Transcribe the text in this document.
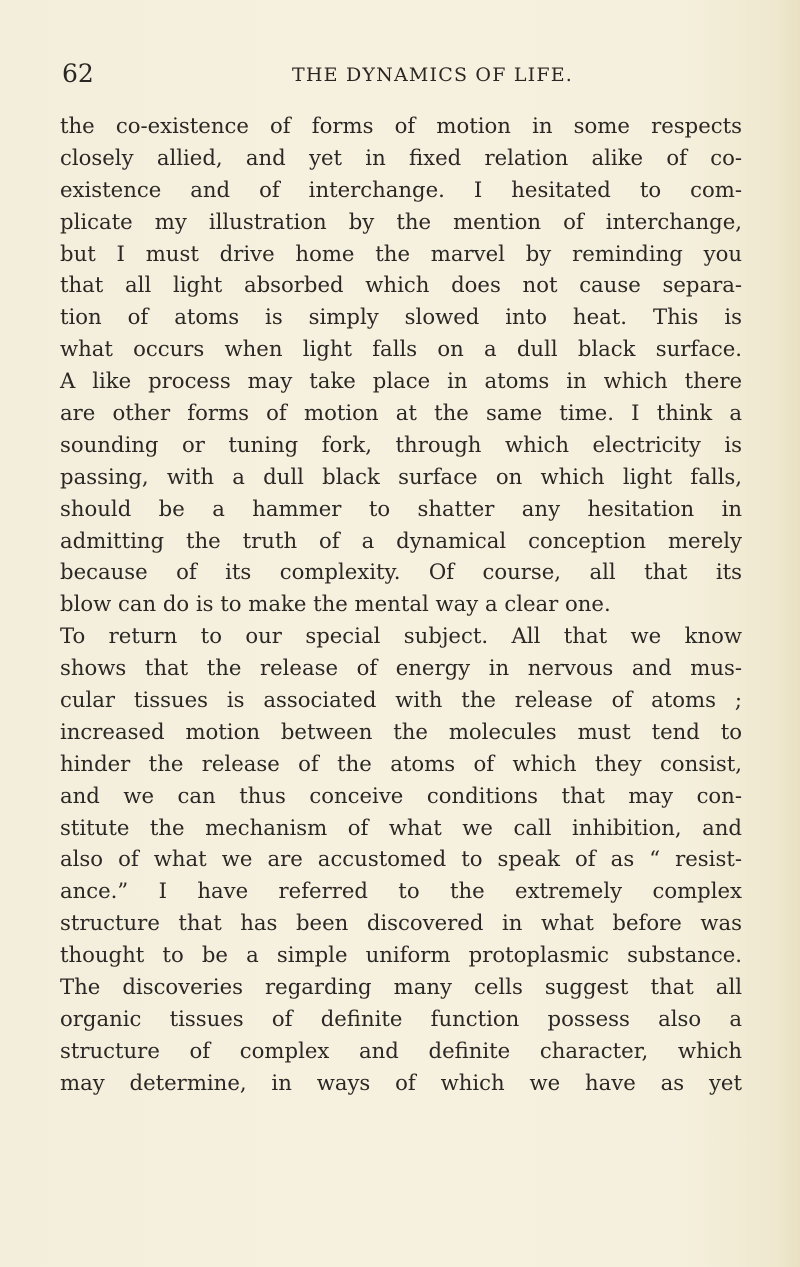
62	THE DYNAMICS OF LIFE.
the co-existence of forms of motion in some respects
closely allied, and yet in fixed relation alike of co-
existence and of interchange. I hesitated to com-
plicate my illustration by the mention of interchange,
but I must drive home the marvel by reminding you
that all light absorbed which does not cause separa-
tion of atoms is simply slowed into heat. This is
what occurs when light falls on a dull black surface.
A like process may take place in atoms in which there
are other forms of motion at the same time. I think a
sounding or tuning fork, through which electricity is
passing, with a dull black surface on which light falls,
should be a hammer to shatter any hesitation in
admitting the truth of a dynamical conception merely
because of its complexity. Of course, all that its
blow can do is to make the mental way a clear one.
To return to our special subject. All that we know
shows that the release of energy in nervous and mus-
cular tissues is associated with the release of atoms ;
increased motion between the molecules must tend to
hinder the release of the atoms of which they consist,
and we can thus conceive conditions that may con-
stitute the mechanism of what we call inhibition, and
also of what we are accustomed to speak of as “ resist-
ance.” I have referred to the extremely complex
structure that has been discovered in what before was
thought to be a simple uniform protoplasmic substance.
The discoveries regarding many cells suggest that all
organic tissues of definite function possess also a
structure of complex and definite character, which
may determine, in ways of which we have as yet
